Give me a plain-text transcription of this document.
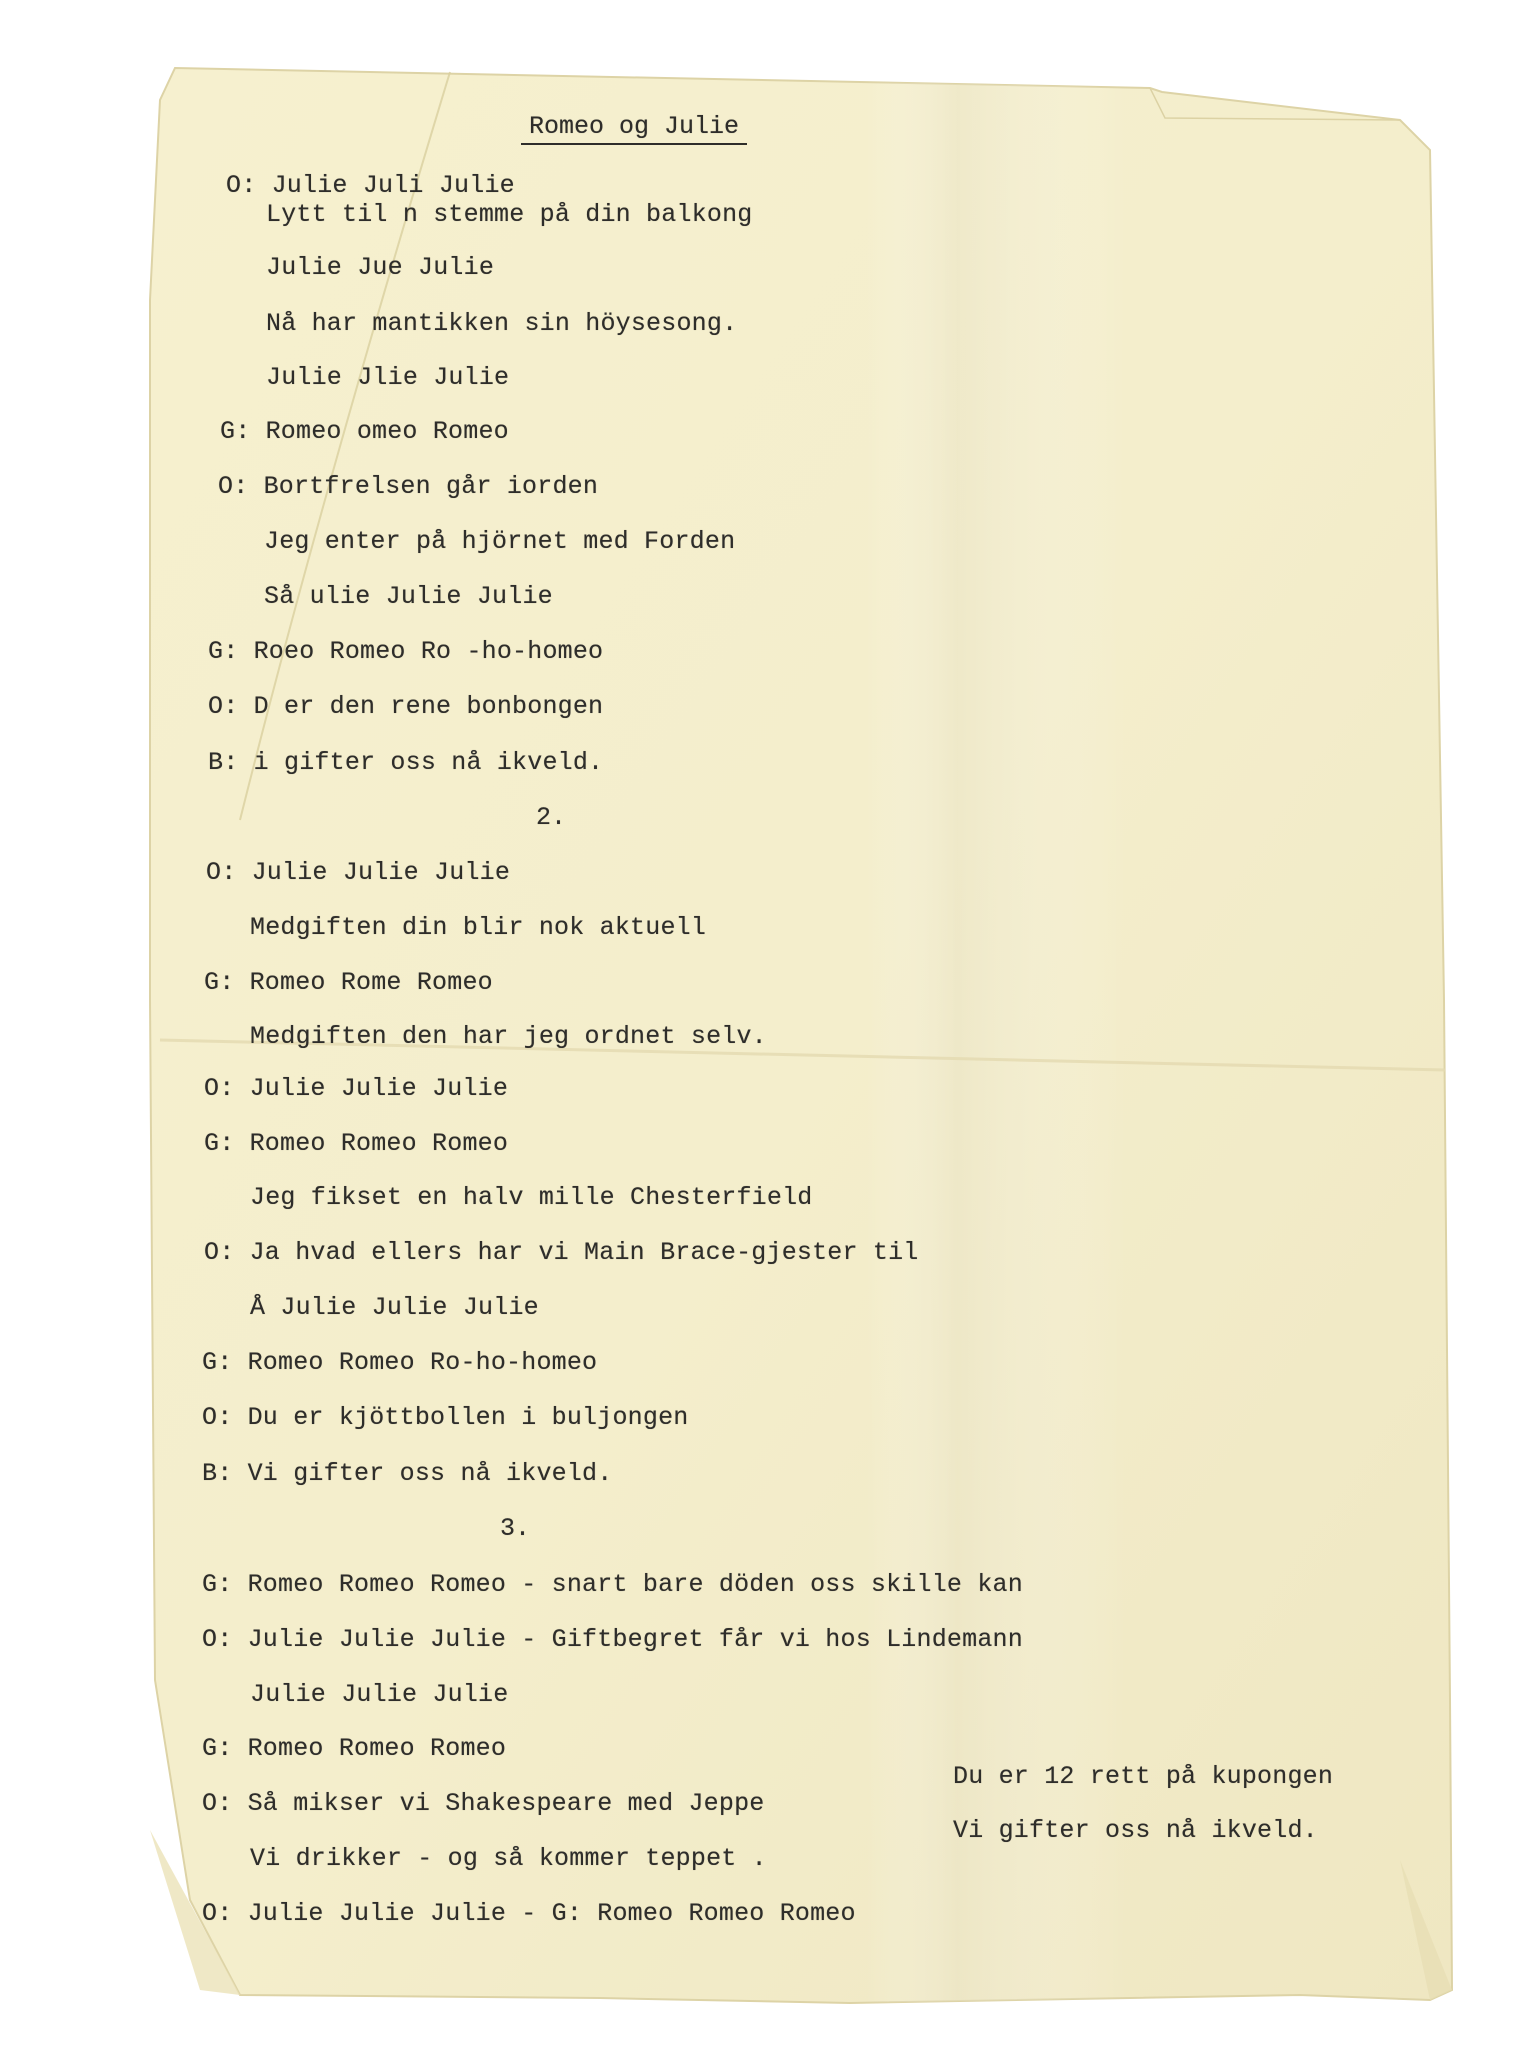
Romeo og Julie
O: Julie Juli Julie
Lytt til ⁠n stemme på din balkong
Julie Ju⁠e Julie
Nå har ⁠mantikken sin höysesong.
Julie J⁠lie Julie
G: Romeo ⁠omeo Romeo
O: Bortf⁠relsen går iorden
Jeg ⁠enter på hjörnet med Forden
Så ⁠ulie Julie Julie
G: Ro⁠eo Romeo Ro -ho-homeo
O: D⁠ er den rene bonbongen
B: ⁠i gifter oss nå ikveld.
2.
O: Julie Julie Julie
Medgiften din blir nok aktuell
G: Romeo Rome Romeo
Medgiften den har jeg ordnet selv.
O: Julie Julie Julie
G: Romeo Romeo Romeo
Jeg fikset en halv mille Chesterfield
O: Ja hvad ellers har vi Main Brace-gjester til
Å Julie Julie Julie
G: Romeo Romeo Ro-ho-homeo
O: Du er kjöttbollen i buljongen
B: Vi gifter oss nå ikveld.
3.
G: Romeo Romeo Romeo - snart bare döden oss skille kan
O: Julie Julie Julie - Giftbegret får vi hos Lindemann
Julie Julie Julie
G: Romeo Romeo Romeo
O: Så mikser vi Shakespeare med Jeppe
Vi drikker - og så kommer teppet .
O: Julie Julie Julie - G: Romeo Romeo Romeo
Du er 12 rett på kupongen
Vi gifter oss nå ikveld.
